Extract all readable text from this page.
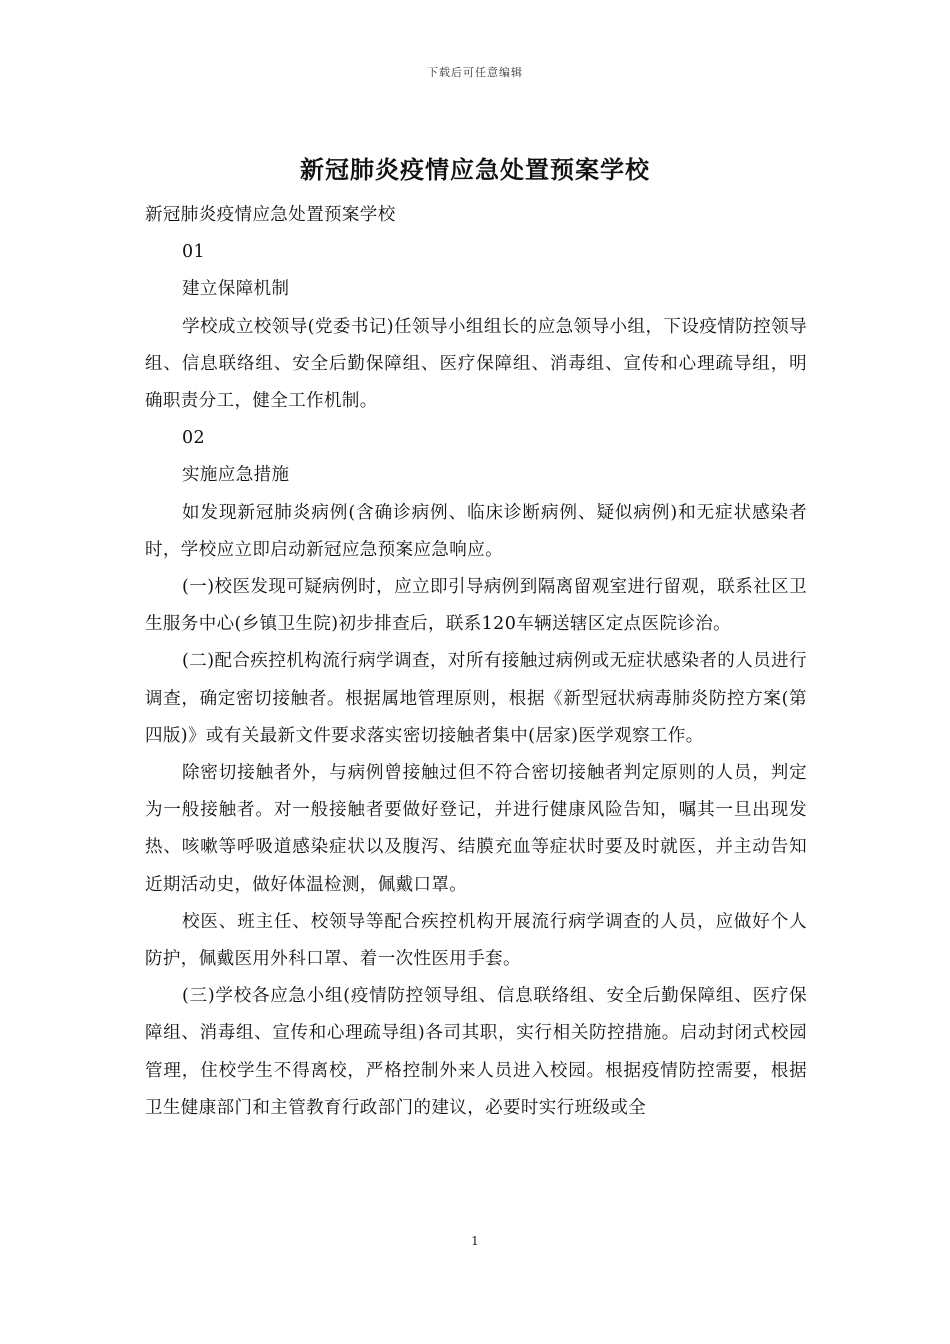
下载后可任意编辑
新冠肺炎疫情应急处置预案学校

新冠肺炎疫情应急处置预案学校

01

建立保障机制

学校成立校领导(党委书记)任领导小组组长的应急领导小组，下设疫情防控领导组、信息联络组、安全后勤保障组、医疗保障组、消毒组、宣传和心理疏导组，明确职责分工，健全工作机制。

02

实施应急措施

如发现新冠肺炎病例(含确诊病例、临床诊断病例、疑似病例)和无症状感染者时，学校应立即启动新冠应急预案应急响应。

(一)校医发现可疑病例时，应立即引导病例到隔离留观室进行留观，联系社区卫生服务中心(乡镇卫生院)初步排查后，联系120车辆送辖区定点医院诊治。

(二)配合疾控机构流行病学调查，对所有接触过病例或无症状感染者的人员进行调查，确定密切接触者。根据属地管理原则，根据《新型冠状病毒肺炎防控方案(第四版)》或有关最新文件要求落实密切接触者集中(居家)医学观察工作。

除密切接触者外，与病例曾接触过但不符合密切接触者判定原则的人员，判定为一般接触者。对一般接触者要做好登记，并进行健康风险告知，嘱其一旦出现发热、咳嗽等呼吸道感染症状以及腹泻、结膜充血等症状时要及时就医，并主动告知近期活动史，做好体温检测，佩戴口罩。

校医、班主任、校领导等配合疾控机构开展流行病学调查的人员，应做好个人防护，佩戴医用外科口罩、着一次性医用手套。

(三)学校各应急小组(疫情防控领导组、信息联络组、安全后勤保障组、医疗保障组、消毒组、宣传和心理疏导组)各司其职，实行相关防控措施。启动封闭式校园管理，住校学生不得离校，严格控制外来人员进入校园。根据疫情防控需要，根据卫生健康部门和主管教育行政部门的建议，必要时实行班级或全

1
